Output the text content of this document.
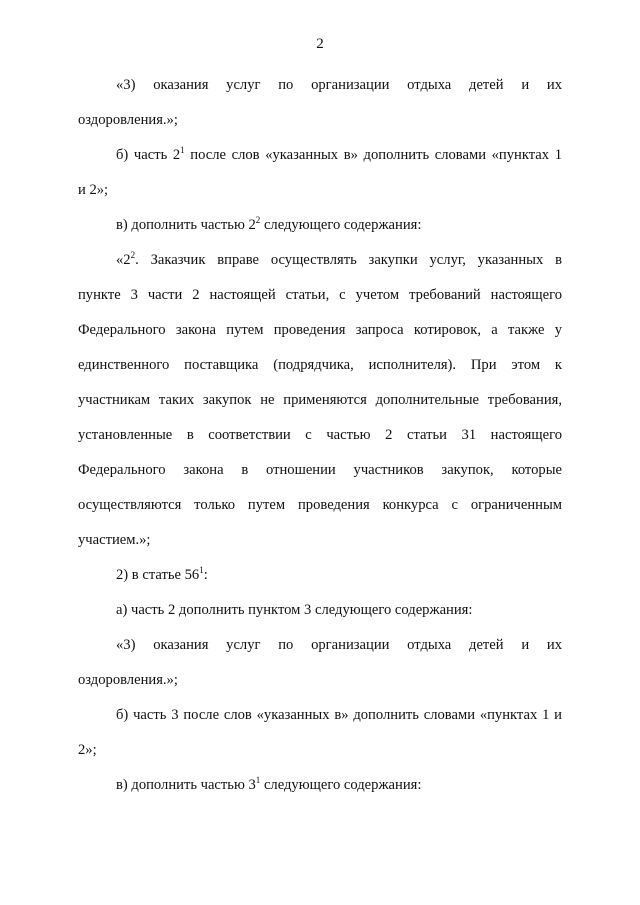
2
«3) оказания услуг по организации отдыха детей и их
оздоровления.»;
б) часть $2^1$ после слов «указанных в» дополнить словами «пунктах 1
и 2»;
в) дополнить частью $2^2$ следующего содержания:
«$2^2$. Заказчик вправе осуществлять закупки услуг, указанных в
пункте 3 части 2 настоящей статьи, с учетом требований настоящего
Федерального закона путем проведения запроса котировок, а также у
единственного поставщика (подрядчика, исполнителя). При этом к
участникам таких закупок не применяются дополнительные требования,
установленные в соответствии с частью 2 статьи 31 настоящего
Федерального закона в отношении участников закупок, которые
осуществляются только путем проведения конкурса с ограниченным
участием.»;
2) в статье $56^1$:
а) часть 2 дополнить пунктом 3 следующего содержания:
«3) оказания услуг по организации отдыха детей и их
оздоровления.»;
б) часть 3 после слов «указанных в» дополнить словами «пунктах 1 и
2»;
в) дополнить частью $3^1$ следующего содержания:
